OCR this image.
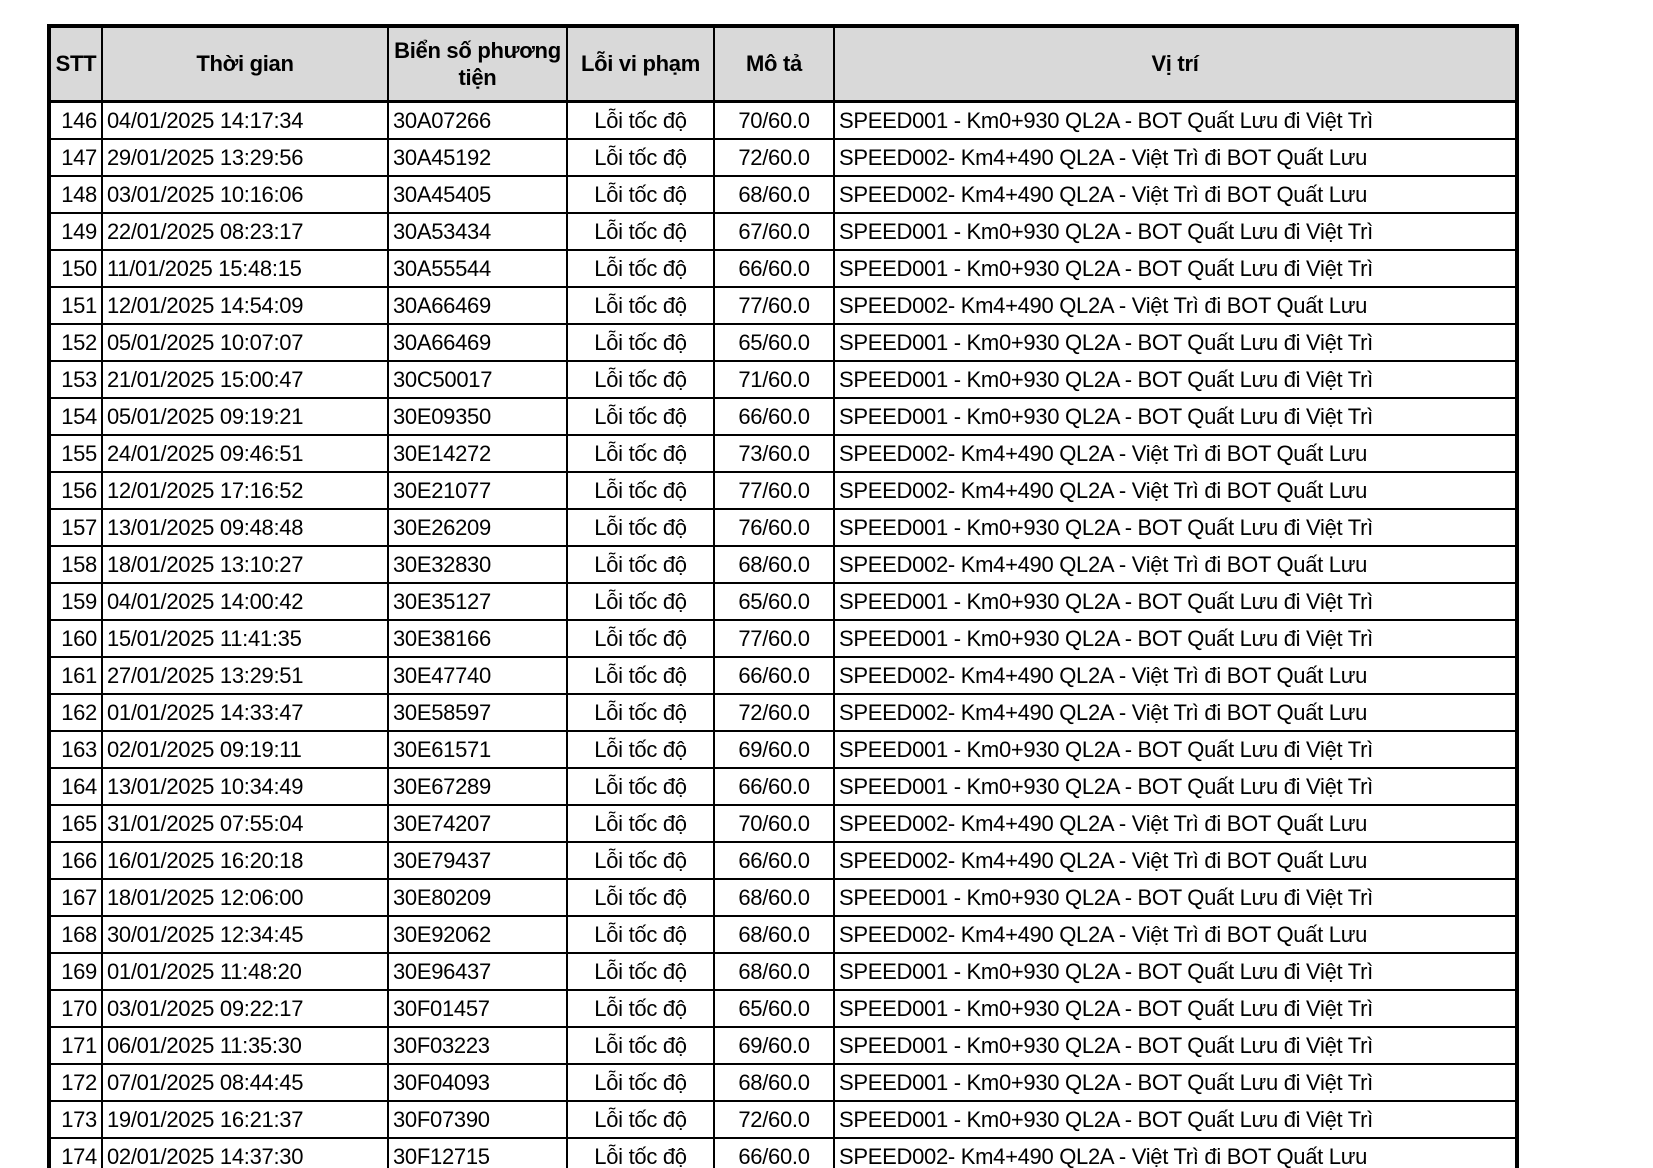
STT	Thời gian	Biển số phương tiện	Lỗi vi phạm	Mô tả	Vị trí
146	04/01/2025 14:17:34	30A07266	Lỗi tốc độ	70/60.0	SPEED001 - Km0+930 QL2A - BOT Quất Lưu đi Việt Trì
147	29/01/2025 13:29:56	30A45192	Lỗi tốc độ	72/60.0	SPEED002- Km4+490 QL2A - Việt Trì đi BOT Quất Lưu
148	03/01/2025 10:16:06	30A45405	Lỗi tốc độ	68/60.0	SPEED002- Km4+490 QL2A - Việt Trì đi BOT Quất Lưu
149	22/01/2025 08:23:17	30A53434	Lỗi tốc độ	67/60.0	SPEED001 - Km0+930 QL2A - BOT Quất Lưu đi Việt Trì
150	11/01/2025 15:48:15	30A55544	Lỗi tốc độ	66/60.0	SPEED001 - Km0+930 QL2A - BOT Quất Lưu đi Việt Trì
151	12/01/2025 14:54:09	30A66469	Lỗi tốc độ	77/60.0	SPEED002- Km4+490 QL2A - Việt Trì đi BOT Quất Lưu
152	05/01/2025 10:07:07	30A66469	Lỗi tốc độ	65/60.0	SPEED001 - Km0+930 QL2A - BOT Quất Lưu đi Việt Trì
153	21/01/2025 15:00:47	30C50017	Lỗi tốc độ	71/60.0	SPEED001 - Km0+930 QL2A - BOT Quất Lưu đi Việt Trì
154	05/01/2025 09:19:21	30E09350	Lỗi tốc độ	66/60.0	SPEED001 - Km0+930 QL2A - BOT Quất Lưu đi Việt Trì
155	24/01/2025 09:46:51	30E14272	Lỗi tốc độ	73/60.0	SPEED002- Km4+490 QL2A - Việt Trì đi BOT Quất Lưu
156	12/01/2025 17:16:52	30E21077	Lỗi tốc độ	77/60.0	SPEED002- Km4+490 QL2A - Việt Trì đi BOT Quất Lưu
157	13/01/2025 09:48:48	30E26209	Lỗi tốc độ	76/60.0	SPEED001 - Km0+930 QL2A - BOT Quất Lưu đi Việt Trì
158	18/01/2025 13:10:27	30E32830	Lỗi tốc độ	68/60.0	SPEED002- Km4+490 QL2A - Việt Trì đi BOT Quất Lưu
159	04/01/2025 14:00:42	30E35127	Lỗi tốc độ	65/60.0	SPEED001 - Km0+930 QL2A - BOT Quất Lưu đi Việt Trì
160	15/01/2025 11:41:35	30E38166	Lỗi tốc độ	77/60.0	SPEED001 - Km0+930 QL2A - BOT Quất Lưu đi Việt Trì
161	27/01/2025 13:29:51	30E47740	Lỗi tốc độ	66/60.0	SPEED002- Km4+490 QL2A - Việt Trì đi BOT Quất Lưu
162	01/01/2025 14:33:47	30E58597	Lỗi tốc độ	72/60.0	SPEED002- Km4+490 QL2A - Việt Trì đi BOT Quất Lưu
163	02/01/2025 09:19:11	30E61571	Lỗi tốc độ	69/60.0	SPEED001 - Km0+930 QL2A - BOT Quất Lưu đi Việt Trì
164	13/01/2025 10:34:49	30E67289	Lỗi tốc độ	66/60.0	SPEED001 - Km0+930 QL2A - BOT Quất Lưu đi Việt Trì
165	31/01/2025 07:55:04	30E74207	Lỗi tốc độ	70/60.0	SPEED002- Km4+490 QL2A - Việt Trì đi BOT Quất Lưu
166	16/01/2025 16:20:18	30E79437	Lỗi tốc độ	66/60.0	SPEED002- Km4+490 QL2A - Việt Trì đi BOT Quất Lưu
167	18/01/2025 12:06:00	30E80209	Lỗi tốc độ	68/60.0	SPEED001 - Km0+930 QL2A - BOT Quất Lưu đi Việt Trì
168	30/01/2025 12:34:45	30E92062	Lỗi tốc độ	68/60.0	SPEED002- Km4+490 QL2A - Việt Trì đi BOT Quất Lưu
169	01/01/2025 11:48:20	30E96437	Lỗi tốc độ	68/60.0	SPEED001 - Km0+930 QL2A - BOT Quất Lưu đi Việt Trì
170	03/01/2025 09:22:17	30F01457	Lỗi tốc độ	65/60.0	SPEED001 - Km0+930 QL2A - BOT Quất Lưu đi Việt Trì
171	06/01/2025 11:35:30	30F03223	Lỗi tốc độ	69/60.0	SPEED001 - Km0+930 QL2A - BOT Quất Lưu đi Việt Trì
172	07/01/2025 08:44:45	30F04093	Lỗi tốc độ	68/60.0	SPEED001 - Km0+930 QL2A - BOT Quất Lưu đi Việt Trì
173	19/01/2025 16:21:37	30F07390	Lỗi tốc độ	72/60.0	SPEED001 - Km0+930 QL2A - BOT Quất Lưu đi Việt Trì
174	02/01/2025 14:37:30	30F12715	Lỗi tốc độ	66/60.0	SPEED002- Km4+490 QL2A - Việt Trì đi BOT Quất Lưu
